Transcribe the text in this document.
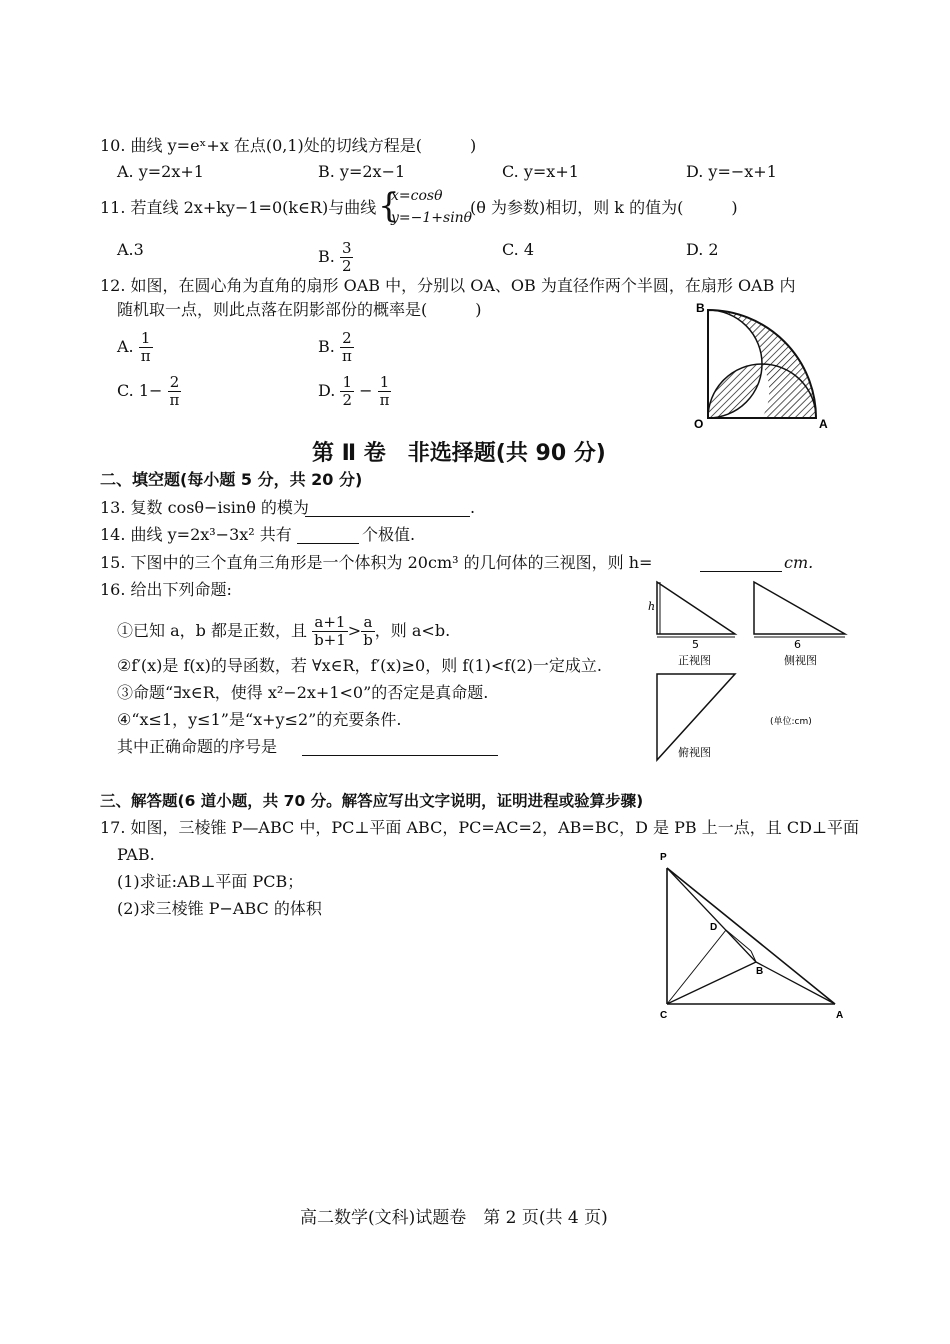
10. 曲线 y=eˣ+x 在点(0,1)处的切线方程是(　　　)
A. y=2x+1	B. y=2x−1	C. y=x+1	D. y=−x+1
11. 若直线 2x+ky−1=0(k∈R)与曲线 {
x=cosθ
y=−1+sinθ
(θ 为参数)相切，则 k 的值为(　　　)
A.3	B. $\frac{3}{2}$	C. 4	D. 2
12. 如图，在圆心角为直角的扇形 OAB 中，分别以 OA、OB 为直径作两个半圆，在扇形 OAB 内
随机取一点，则此点落在阴影部份的概率是(　　　)
A. $\frac{1}{\pi}$	B. $\frac{2}{\pi}$
C. $1- \frac{2}{\pi}$	D. $\frac{1}{2} - \frac{1}{\pi}$
B
O	A
第 Ⅱ 卷　非选择题(共 90 分)
二、填空题(每小题 5 分，共 20 分)
13. 复数 cosθ−isinθ 的模为	.
14. 曲线 y=2x³−3x² 共有	个极值.
15. 下图中的三个直角三角形是一个体积为 20cm³ 的几何体的三视图，则 h=	cm.
16. 给出下列命题:
①已知 a，b 都是正数，且 $\frac{a+1}{b+1} > \frac{a}{b}$ ，则 a<b.
②f′(x)是 f(x)的导函数，若 ∀x∈R，f′(x)≥0，则 f(1)<f(2)一定成立.
③命题“∃x∈R，使得 x²−2x+1<0”的否定是真命题.
④“x≤1，y≤1”是“x+y≤2”的充要条件.
其中正确命题的序号是
h
5
正视图
6
侧视图
俯视图
(单位:cm)
三、解答题(6 道小题，共 70 分。解答应写出文字说明，证明进程或验算步骤)
17. 如图，三棱锥 P—ABC 中，PC⊥平面 ABC，PC=AC=2，AB=BC，D 是 PB 上一点，且 CD⊥平面
PAB.
(1)求证:AB⊥平面 PCB；
(2)求三棱锥 P−ABC 的体积
P
D
B
C	A
高二数学(文科)试题卷　第 2 页(共 4 页)
